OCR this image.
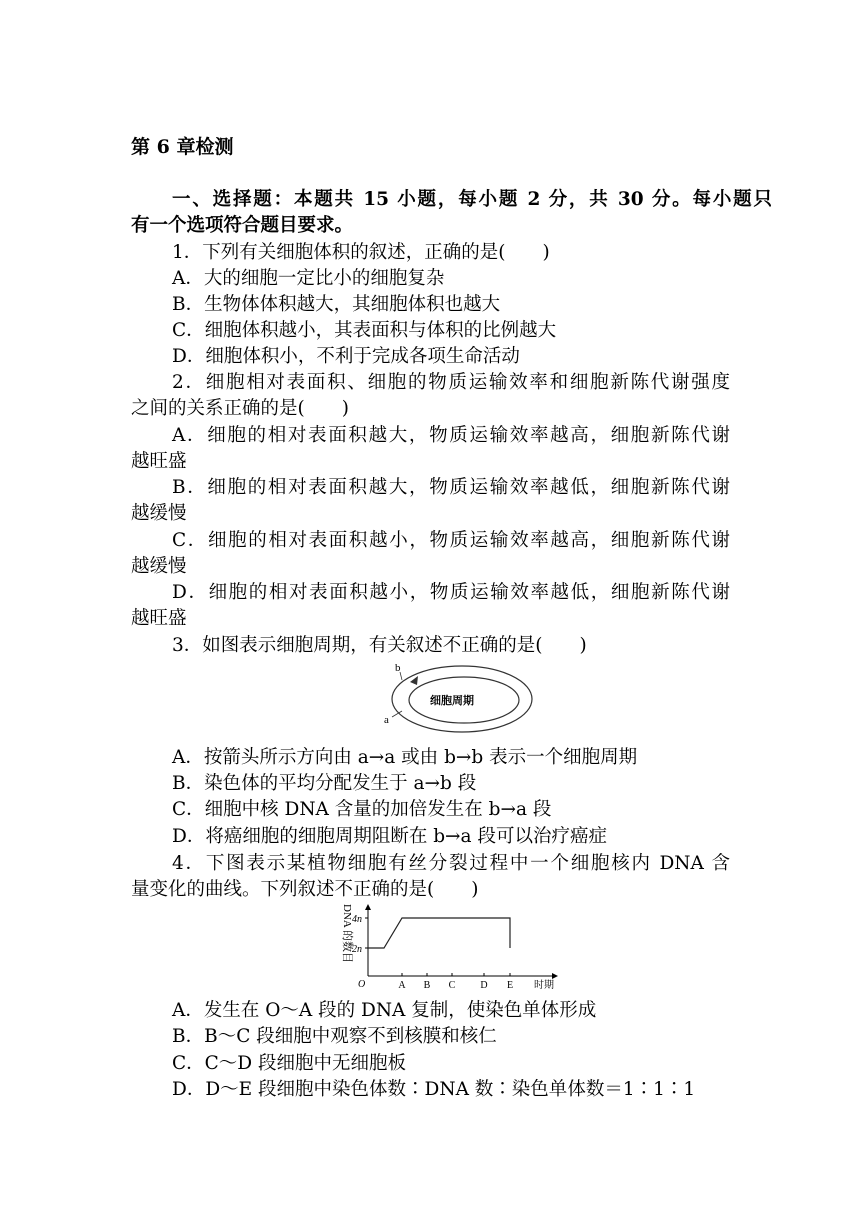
第 6 章检测
一、选择题：本题共 15 小题，每小题 2 分，共 30 分。每小题只
有一个选项符合题目要求。
1．下列有关细胞体积的叙述，正确的是(　　)
A．大的细胞一定比小的细胞复杂
B．生物体体积越大，其细胞体积也越大
C．细胞体积越小，其表面积与体积的比例越大
D．细胞体积小，不利于完成各项生命活动
2．细胞相对表面积、细胞的物质运输效率和细胞新陈代谢强度
之间的关系正确的是(　　)
A．细胞的相对表面积越大，物质运输效率越高，细胞新陈代谢
越旺盛
B．细胞的相对表面积越大，物质运输效率越低，细胞新陈代谢
越缓慢
C．细胞的相对表面积越小，物质运输效率越高，细胞新陈代谢
越缓慢
D．细胞的相对表面积越小，物质运输效率越低，细胞新陈代谢
越旺盛
3．如图表示细胞周期，有关叙述不正确的是(　　)
细胞周期
b
a
A．按箭头所示方向由 a→a 或由 b→b 表示一个细胞周期
B．染色体的平均分配发生于 a→b 段
C．细胞中核 DNA 含量的加倍发生在 b→a 段
D．将癌细胞的细胞周期阻断在 b→a 段可以治疗癌症
4．下图表示某植物细胞有丝分裂过程中一个细胞核内 DNA 含
量变化的曲线。下列叙述不正确的是(　　)
DNA 的数目
O	时期
2n
4n
A B C	D E
A．发生在 O～A 段的 DNA 复制，使染色单体形成
B．B～C 段细胞中观察不到核膜和核仁
C．C～D 段细胞中无细胞板
D．D～E 段细胞中染色体数∶DNA 数∶染色单体数＝1∶1∶1
